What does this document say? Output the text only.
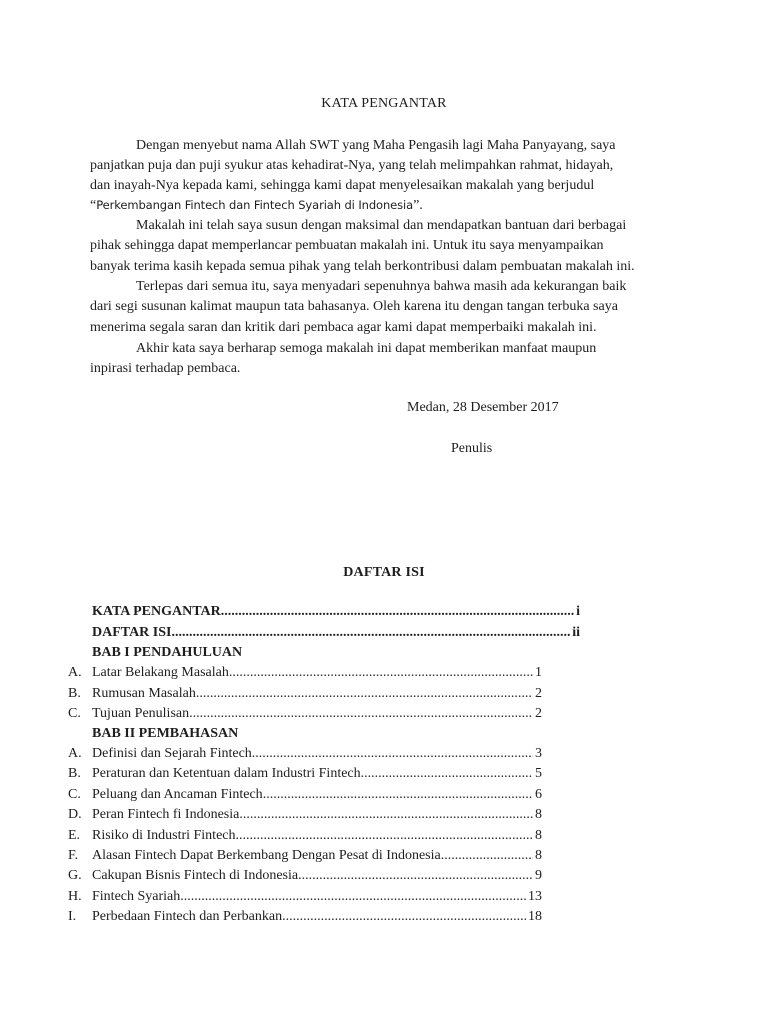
KATA PENGANTAR
Dengan menyebut nama Allah SWT yang Maha Pengasih lagi Maha Panyayang, saya
panjatkan puja dan puji syukur atas kehadirat-Nya, yang telah melimpahkan rahmat, hidayah,
dan inayah-Nya kepada kami, sehingga kami dapat menyelesaikan makalah yang berjudul
“Perkembangan Fintech dan Fintech Syariah di Indonesia”.
Makalah ini telah saya susun dengan maksimal dan mendapatkan bantuan dari berbagai
pihak sehingga dapat memperlancar pembuatan makalah ini. Untuk itu saya menyampaikan
banyak terima kasih kepada semua pihak yang telah berkontribusi dalam pembuatan makalah ini.
Terlepas dari semua itu, saya menyadari sepenuhnya bahwa masih ada kekurangan baik
dari segi susunan kalimat maupun tata bahasanya. Oleh karena itu dengan tangan terbuka saya
menerima segala saran dan kritik dari pembaca agar kami dapat memperbaiki makalah ini.
Akhir kata saya berharap semoga makalah ini dapat memberikan manfaat maupun
inpirasi terhadap pembaca.
Medan, 28 Desember 2017
Penulis
DAFTAR ISI
KATA PENGANTAR .....	i
DAFTAR ISI .....	ii
BAB I PENDAHULUAN
A. Latar Belakang Masalah .....	1
B. Rumusan Masalah .....	2
C. Tujuan Penulisan .....	2
BAB II PEMBAHASAN
A. Definisi dan Sejarah Fintech .....	3
B. Peraturan dan Ketentuan dalam Industri Fintech .....	5
C. Peluang dan Ancaman Fintech .....	6
D. Peran Fintech fi Indonesia .....	8
E. Risiko di Industri Fintech .....	8
F. Alasan Fintech Dapat Berkembang Dengan Pesat di Indonesia .....	8
G. Cakupan Bisnis Fintech di Indonesia .....	9
H. Fintech Syariah .....	13
I. Perbedaan Fintech dan Perbankan .....	18
